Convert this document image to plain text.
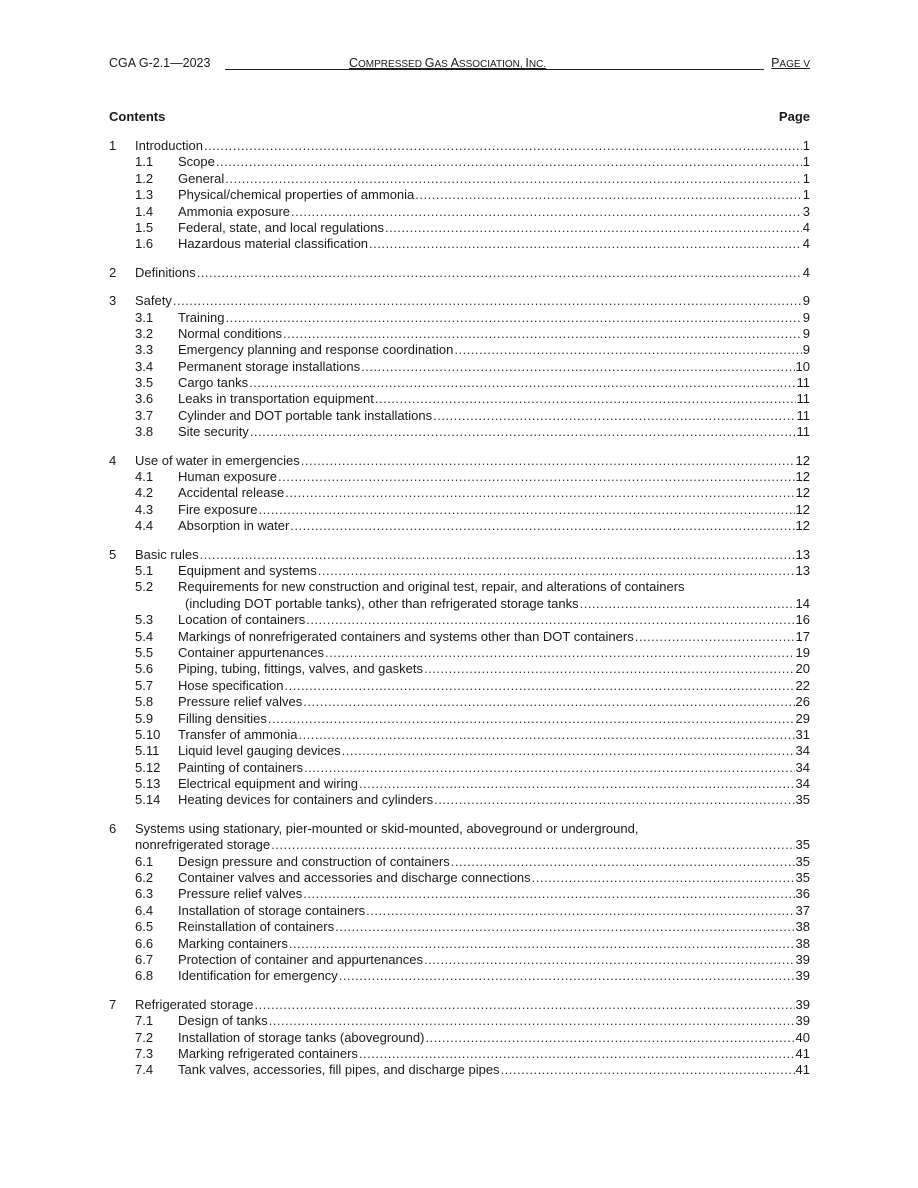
CGA G-2.1—2023	COMPRESSED GAS ASSOCIATION, INC.	PAGE V
Contents	Page
1	Introduction .....	1
1.1	Scope .....	1
1.2	General .....	1
1.3	Physical/chemical properties of ammonia .....	1
1.4	Ammonia exposure .....	3
1.5	Federal, state, and local regulations .....	4
1.6	Hazardous material classification .....	4
2	Definitions .....	4
3	Safety .....	9
3.1	Training .....	9
3.2	Normal conditions .....	9
3.3	Emergency planning and response coordination .....	9
3.4	Permanent storage installations .....	10
3.5	Cargo tanks .....	11
3.6	Leaks in transportation equipment .....	11
3.7	Cylinder and DOT portable tank installations .....	11
3.8	Site security .....	11
4	Use of water in emergencies .....	12
4.1	Human exposure .....	12
4.2	Accidental release .....	12
4.3	Fire exposure .....	12
4.4	Absorption in water .....	12
5	Basic rules .....	13
5.1	Equipment and systems .....	13
5.2	Requirements for new construction and original test, repair, and alterations of containers
(including DOT portable tanks), other than refrigerated storage tanks .....	14
5.3	Location of containers .....	16
5.4	Markings of nonrefrigerated containers and systems other than DOT containers .....	17
5.5	Container appurtenances .....	19
5.6	Piping, tubing, fittings, valves, and gaskets .....	20
5.7	Hose specification .....	22
5.8	Pressure relief valves .....	26
5.9	Filling densities .....	29
5.10	Transfer of ammonia .....	31
5.11	Liquid level gauging devices .....	34
5.12	Painting of containers .....	34
5.13	Electrical equipment and wiring .....	34
5.14	Heating devices for containers and cylinders .....	35
6	Systems using stationary, pier-mounted or skid-mounted, aboveground or underground,
nonrefrigerated storage .....	35
6.1	Design pressure and construction of containers .....	35
6.2	Container valves and accessories and discharge connections .....	35
6.3	Pressure relief valves .....	36
6.4	Installation of storage containers .....	37
6.5	Reinstallation of containers .....	38
6.6	Marking containers .....	38
6.7	Protection of container and appurtenances .....	39
6.8	Identification for emergency .....	39
7	Refrigerated storage .....	39
7.1	Design of tanks .....	39
7.2	Installation of storage tanks (aboveground) .....	40
7.3	Marking refrigerated containers .....	41
7.4	Tank valves, accessories, fill pipes, and discharge pipes .....	41
